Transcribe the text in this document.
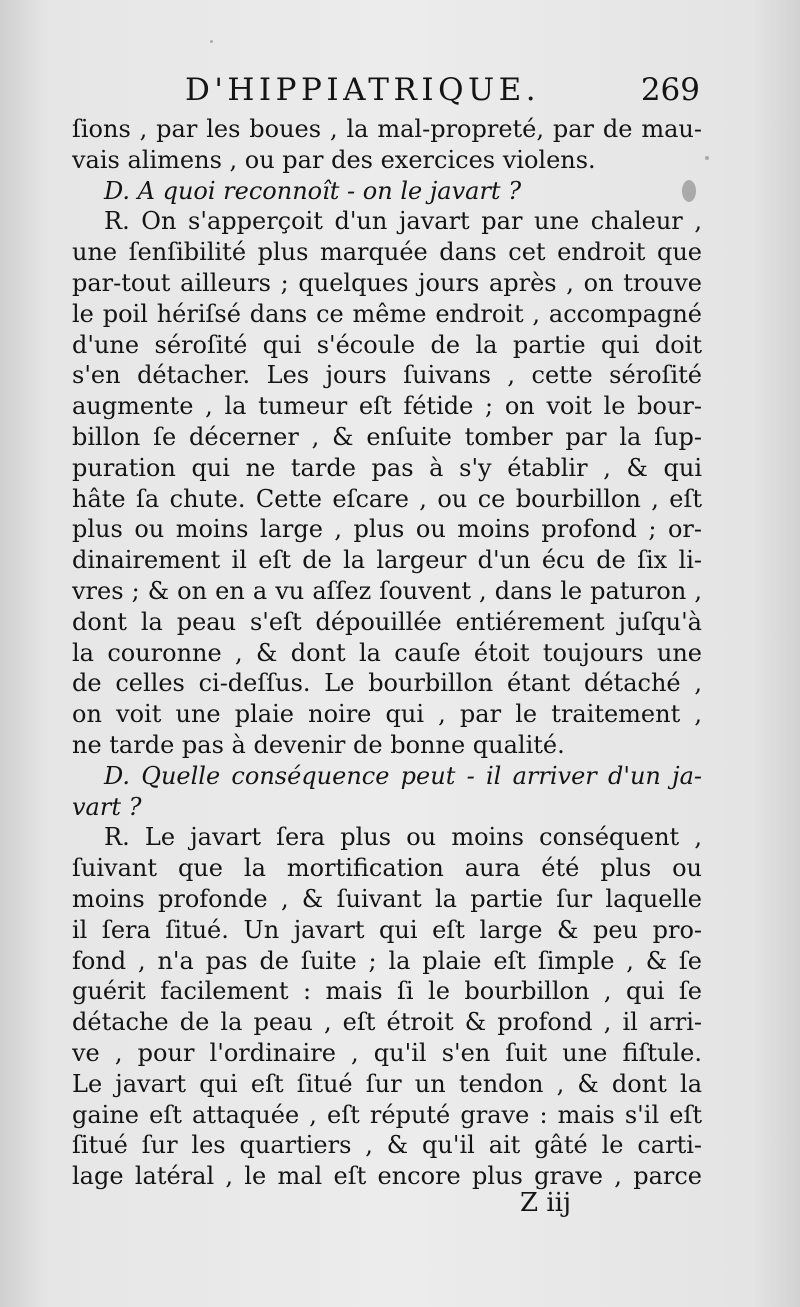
D'HIPPIATRIQUE.	269
ſions , par les boues , la mal-propreté, par de mau-
vais alimens , ou par des exercices violens.
D. A quoi reconnoît - on le javart ?
R. On s'apperçoit d'un javart par une chaleur ,
une ſenſibilité plus marquée dans cet endroit que
par-tout ailleurs ; quelques jours après , on trouve
le poil hériſsé dans ce même endroit , accompagné
d'une séroſité qui s'écoule de la partie qui doit
s'en détacher. Les jours ſuivans , cette séroſité
augmente , la tumeur eſt fétide ; on voit le bour-
billon ſe décerner , & enſuite tomber par la ſup-
puration qui ne tarde pas à s'y établir , & qui
hâte ſa chute. Cette eſcare , ou ce bourbillon , eſt
plus ou moins large , plus ou moins profond ; or-
dinairement il eſt de la largeur d'un écu de ſix li-
vres ; & on en a vu aſſez ſouvent , dans le paturon ,
dont la peau s'eſt dépouillée entiérement juſqu'à
la couronne , & dont la cauſe étoit toujours une
de celles ci-deſſus. Le bourbillon étant détaché ,
on voit une plaie noire qui , par le traitement ,
ne tarde pas à devenir de bonne qualité.
D. Quelle conséquence peut - il arriver d'un ja-
vart ?
R. Le javart ſera plus ou moins conséquent ,
ſuivant que la mortification aura été plus ou
moins profonde , & ſuivant la partie ſur laquelle
il ſera ſitué. Un javart qui eſt large & peu pro-
fond , n'a pas de ſuite ; la plaie eſt ſimple , & ſe
guérit facilement : mais ſi le bourbillon , qui ſe
détache de la peau , eſt étroit & profond , il arri-
ve , pour l'ordinaire , qu'il s'en ſuit une fiſtule.
Le javart qui eſt ſitué ſur un tendon , & dont la
gaine eſt attaquée , eſt réputé grave : mais s'il eſt
ſitué ſur les quartiers , & qu'il ait gâté le carti-
lage latéral , le mal eſt encore plus grave , parce
Z iij
